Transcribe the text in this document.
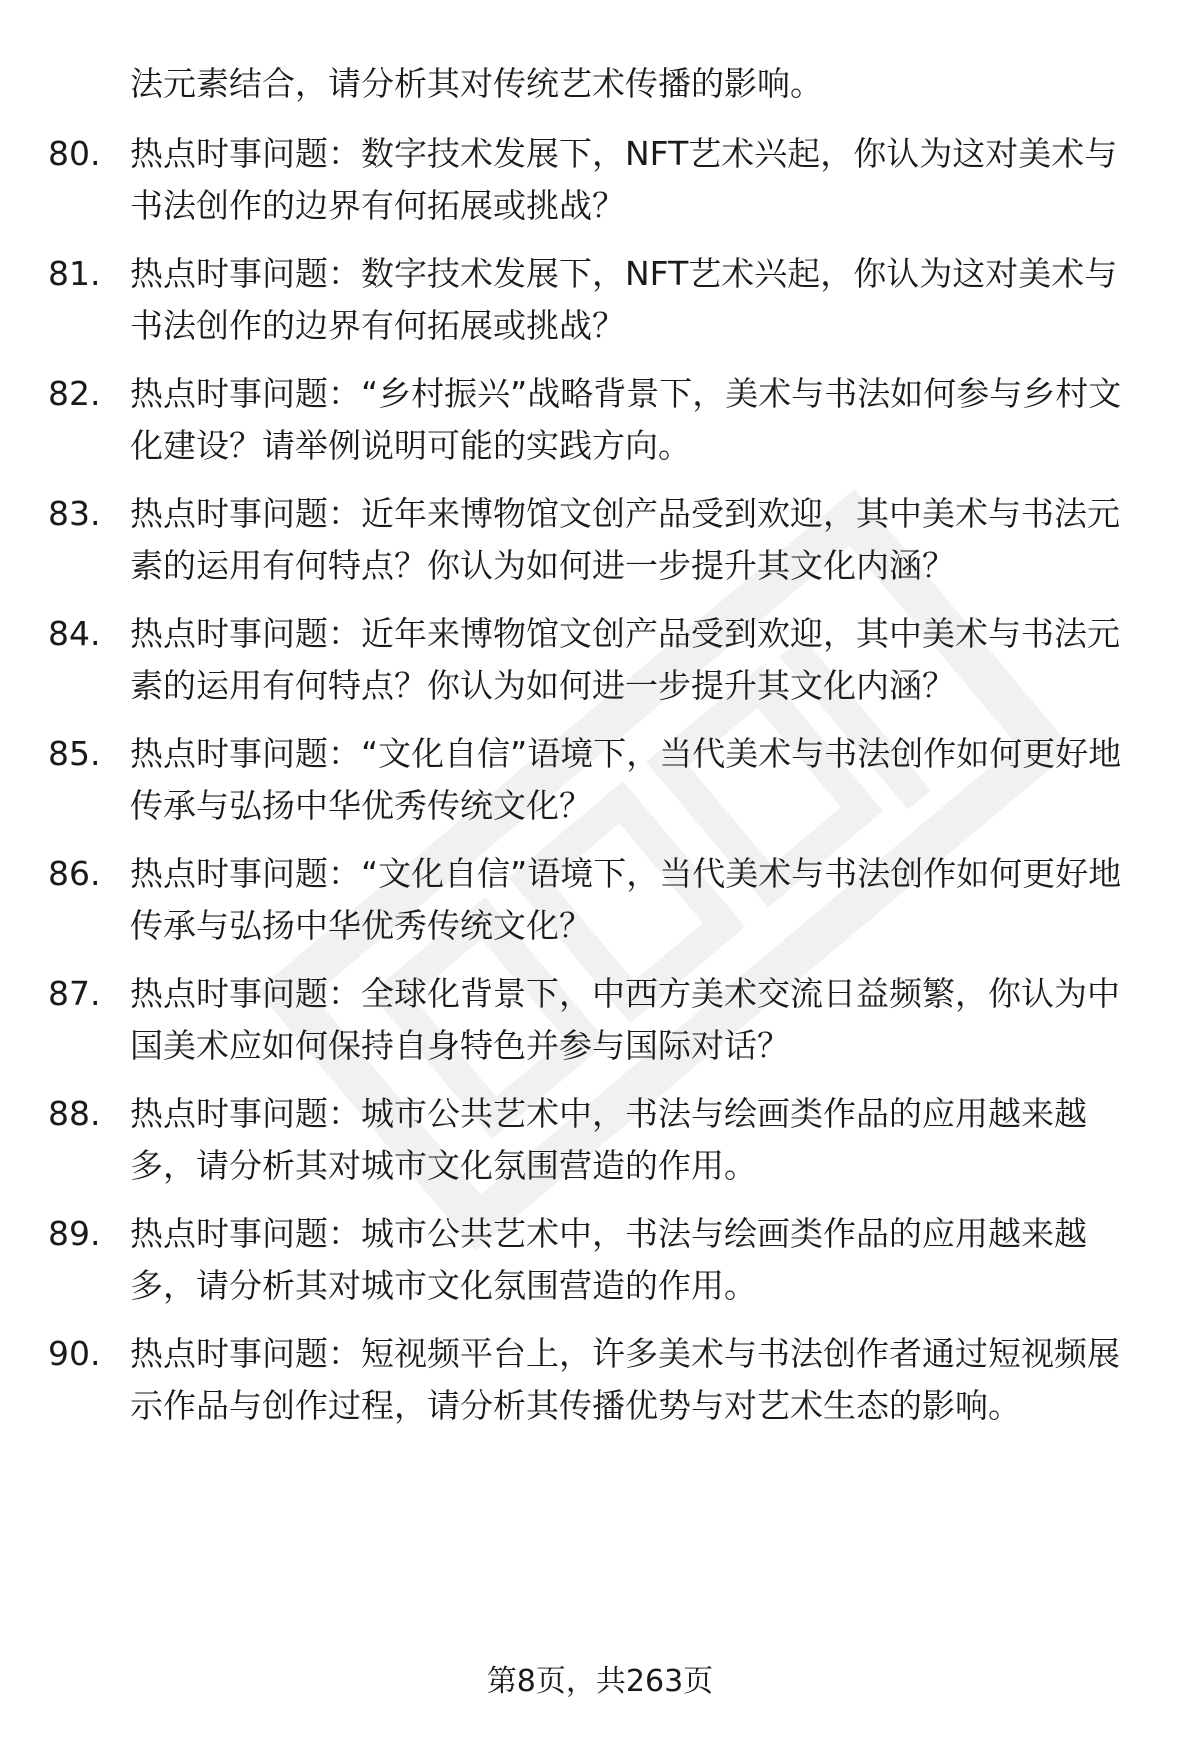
法元素结合，请分析其对传统艺术传播的影响。
80. 热点时事问题：数字技术发展下，NFT艺术兴起，你认为这对美术与书法创作的边界有何拓展或挑战？
81. 热点时事问题：数字技术发展下，NFT艺术兴起，你认为这对美术与书法创作的边界有何拓展或挑战？
82. 热点时事问题：“乡村振兴”战略背景下，美术与书法如何参与乡村文化建设？请举例说明可能的实践方向。
83. 热点时事问题：近年来博物馆文创产品受到欢迎，其中美术与书法元素的运用有何特点？你认为如何进一步提升其文化内涵？
84. 热点时事问题：近年来博物馆文创产品受到欢迎，其中美术与书法元素的运用有何特点？你认为如何进一步提升其文化内涵？
85. 热点时事问题：“文化自信”语境下，当代美术与书法创作如何更好地传承与弘扬中华优秀传统文化？
86. 热点时事问题：“文化自信”语境下，当代美术与书法创作如何更好地传承与弘扬中华优秀传统文化？
87. 热点时事问题：全球化背景下，中西方美术交流日益频繁，你认为中国美术应如何保持自身特色并参与国际对话？
88. 热点时事问题：城市公共艺术中，书法与绘画类作品的应用越来越多，请分析其对城市文化氛围营造的作用。
89. 热点时事问题：城市公共艺术中，书法与绘画类作品的应用越来越多，请分析其对城市文化氛围营造的作用。
90. 热点时事问题：短视频平台上，许多美术与书法创作者通过短视频展示作品与创作过程，请分析其传播优势与对艺术生态的影响。
第8页，共263页
